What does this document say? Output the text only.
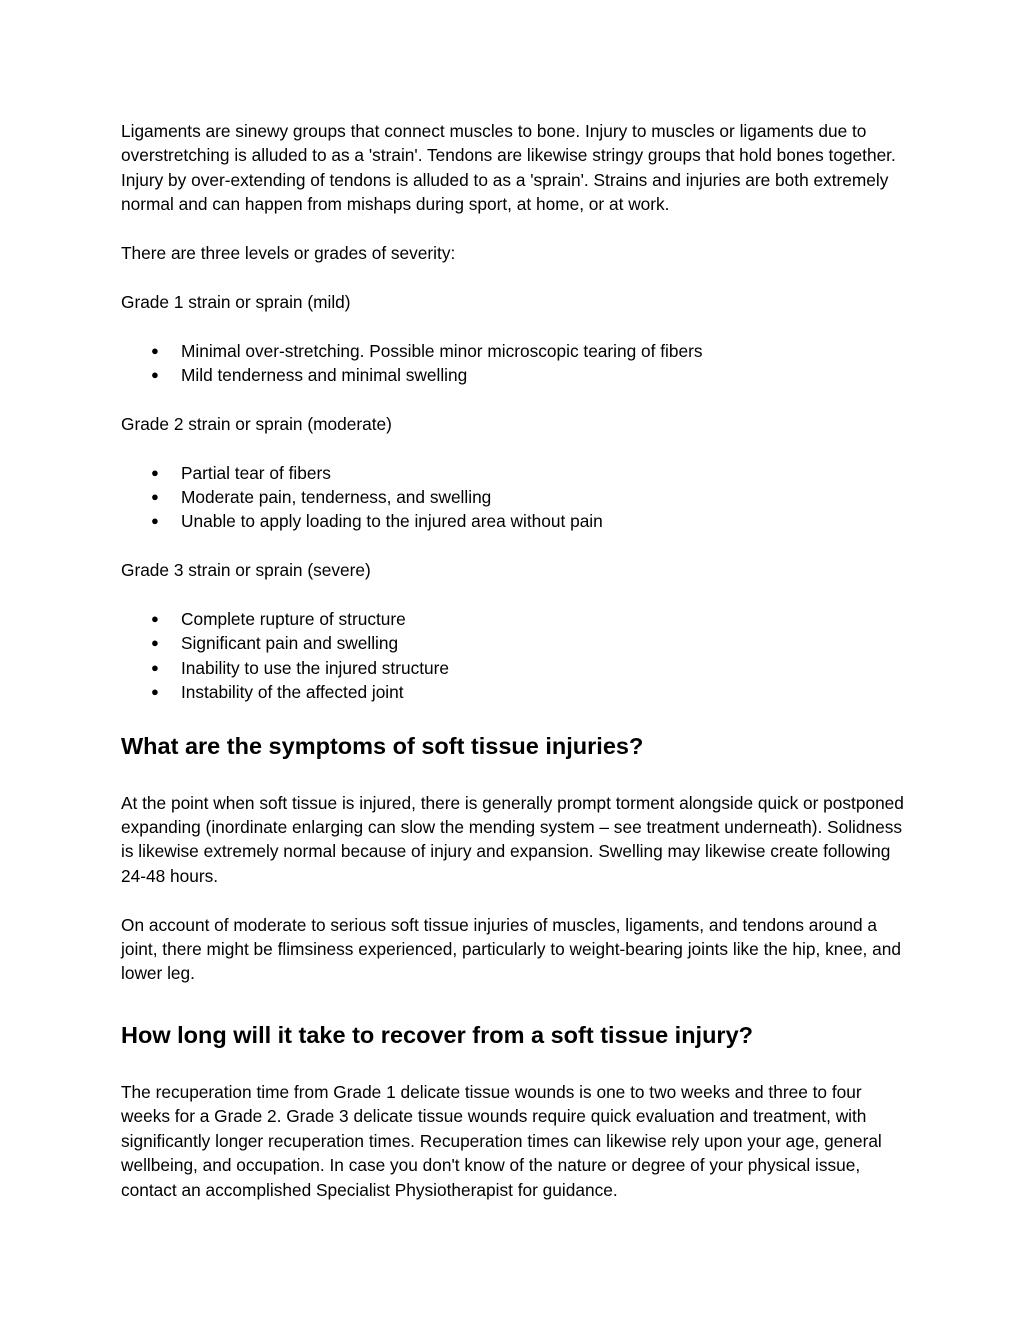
Ligaments are sinewy groups that connect muscles to bone. Injury to muscles or ligaments due to overstretching is alluded to as a 'strain'. Tendons are likewise stringy groups that hold bones together. Injury by over-extending of tendons is alluded to as a 'sprain'. Strains and injuries are both extremely normal and can happen from mishaps during sport, at home, or at work.

There are three levels or grades of severity:

Grade 1 strain or sprain (mild)

● Minimal over-stretching. Possible minor microscopic tearing of fibers
● Mild tenderness and minimal swelling

Grade 2 strain or sprain (moderate)

● Partial tear of fibers
● Moderate pain, tenderness, and swelling
● Unable to apply loading to the injured area without pain

Grade 3 strain or sprain (severe)

● Complete rupture of structure
● Significant pain and swelling
● Inability to use the injured structure
● Instability of the affected joint
What are the symptoms of soft tissue injuries?

At the point when soft tissue is injured, there is generally prompt torment alongside quick or postponed expanding (inordinate enlarging can slow the mending system – see treatment underneath). Solidness is likewise extremely normal because of injury and expansion. Swelling may likewise create following 24-48 hours.

On account of moderate to serious soft tissue injuries of muscles, ligaments, and tendons around a joint, there might be flimsiness experienced, particularly to weight-bearing joints like the hip, knee, and lower leg.

How long will it take to recover from a soft tissue injury?

The recuperation time from Grade 1 delicate tissue wounds is one to two weeks and three to four weeks for a Grade 2. Grade 3 delicate tissue wounds require quick evaluation and treatment, with significantly longer recuperation times. Recuperation times can likewise rely upon your age, general wellbeing, and occupation. In case you don't know of the nature or degree of your physical issue, contact an accomplished Specialist Physiotherapist for guidance.
